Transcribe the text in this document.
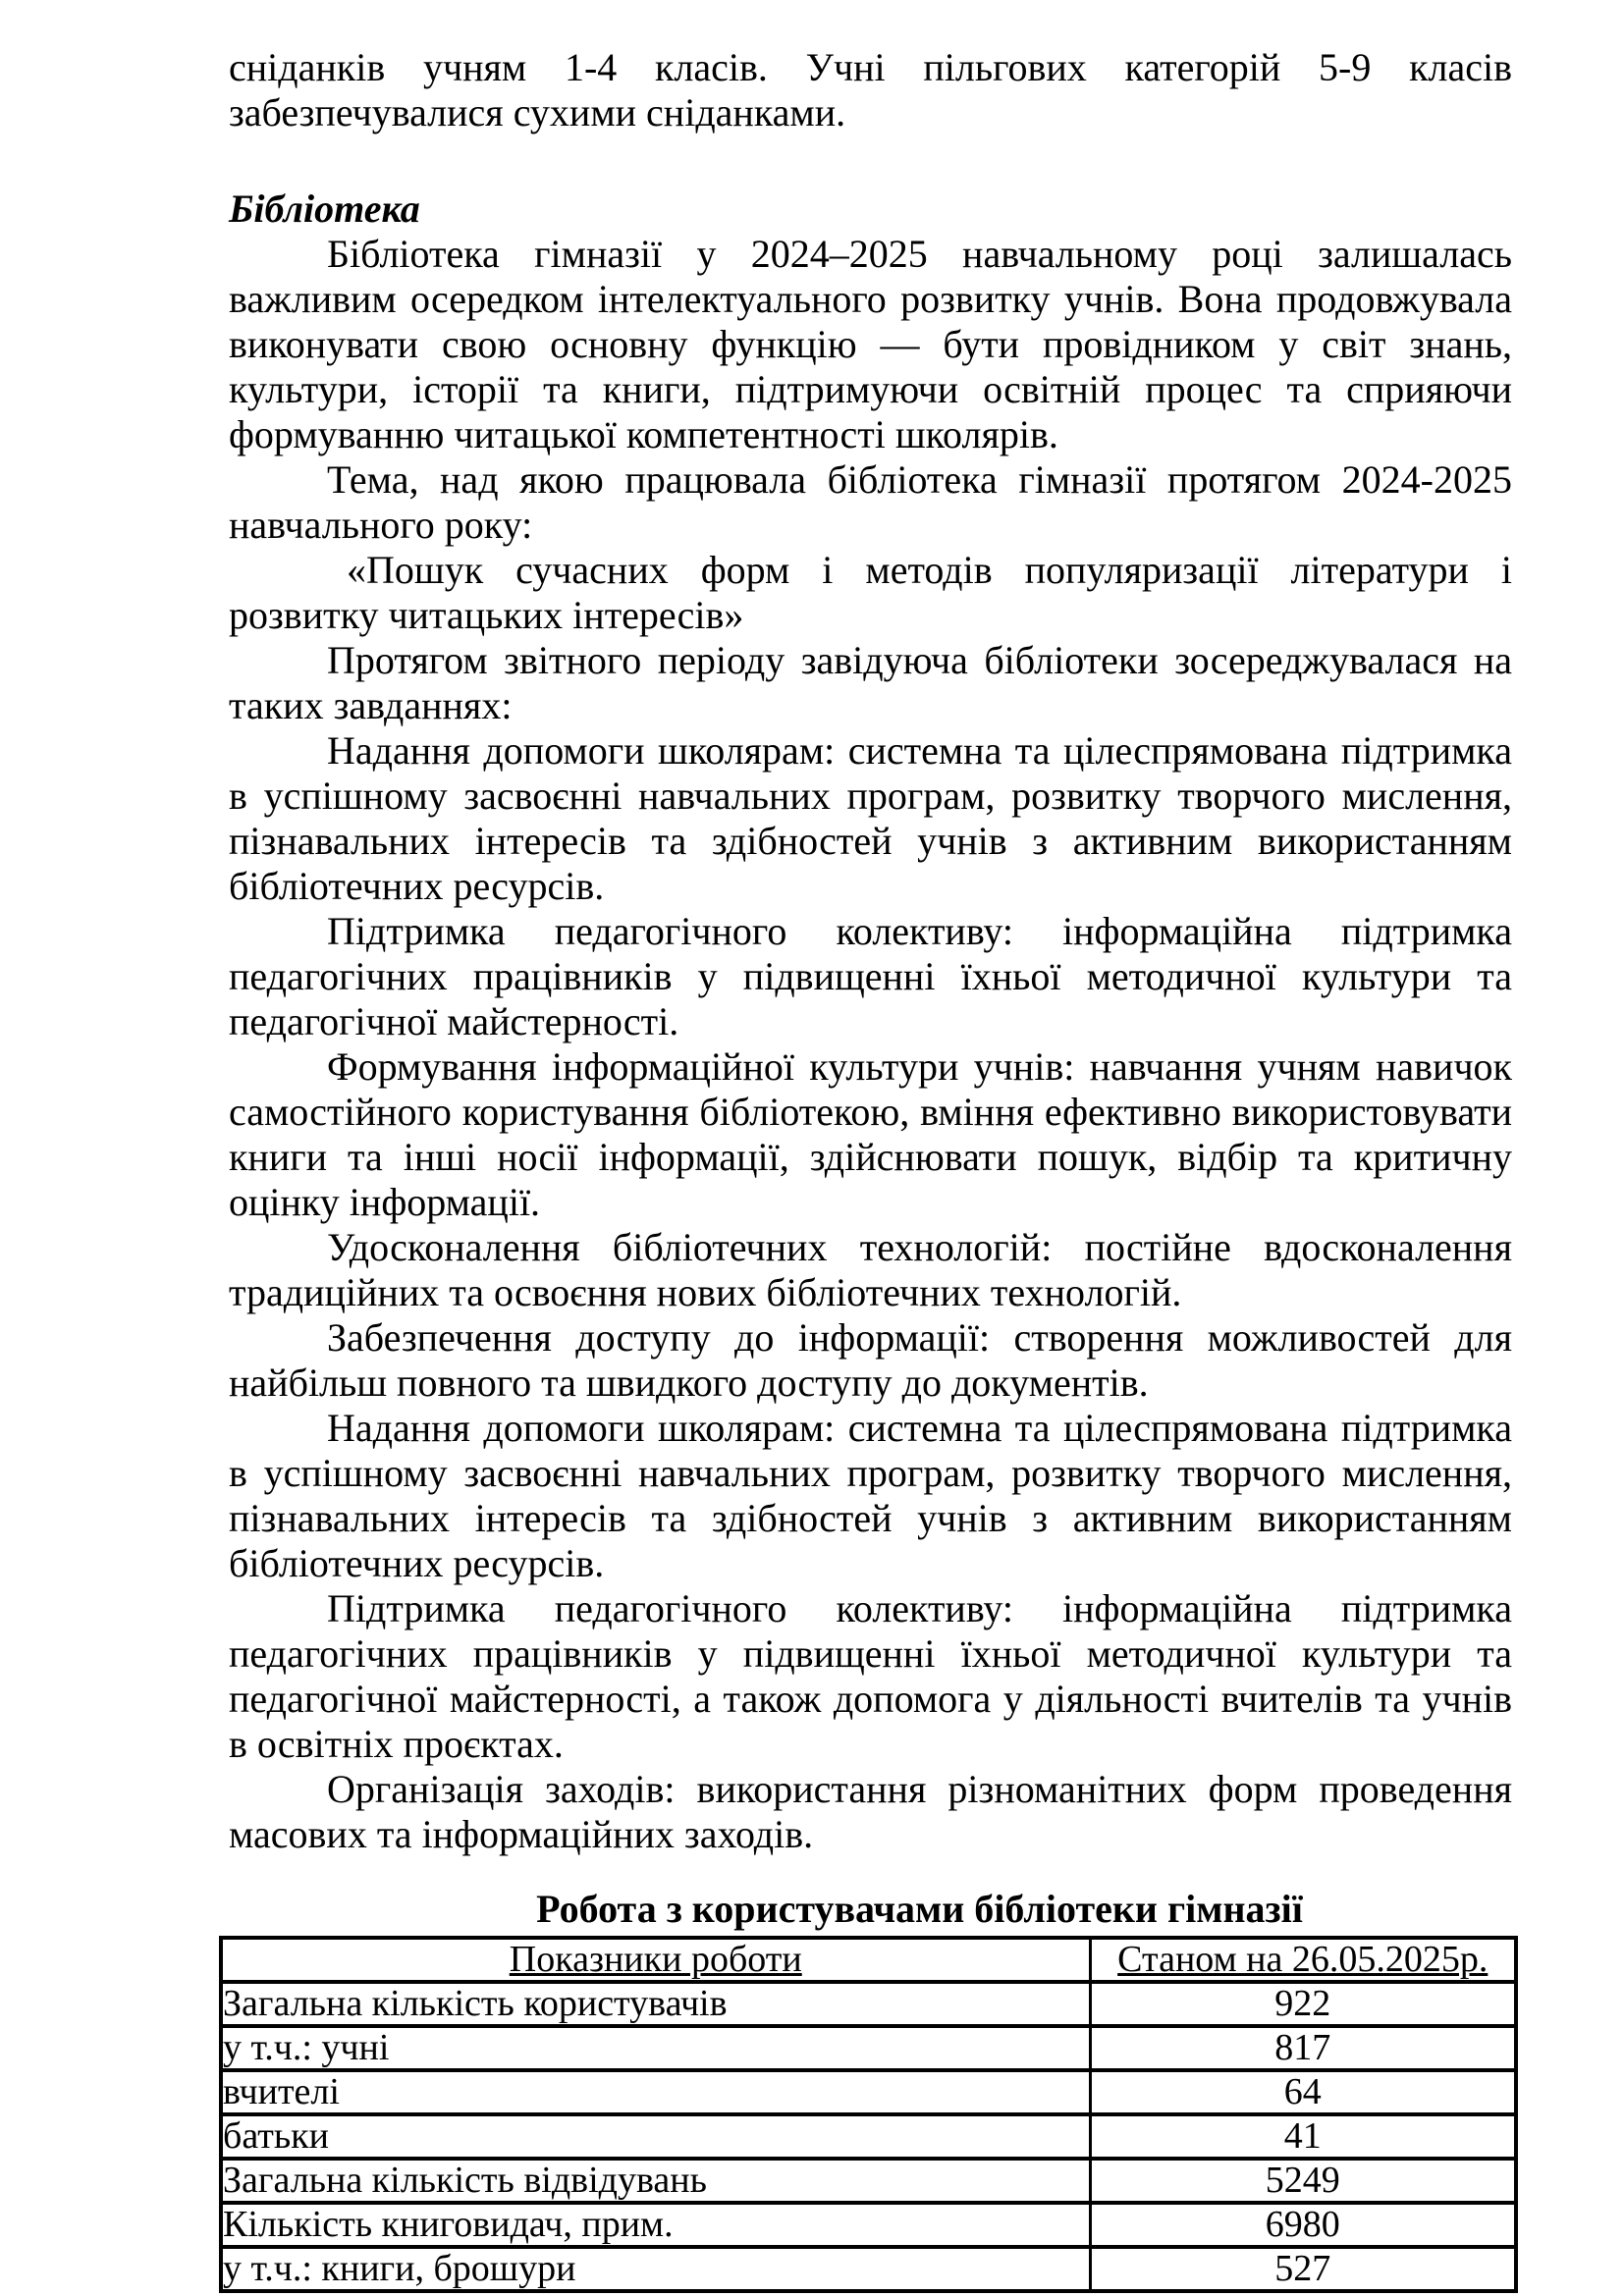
сніданків учням 1-4 класів. Учні пільгових категорій 5-9 класів забезпечувалися сухими сніданками.

Бібліотека

Бібліотека гімназії у 2024–2025 навчальному році залишалась важливим осередком інтелектуального розвитку учнів. Вона продовжувала виконувати свою основну функцію — бути провідником у світ знань, культури, історії та книги, підтримуючи освітній процес та сприяючи формуванню читацької компетентності школярів.

Тема, над якою працювала бібліотека гімназії протягом 2024-2025 навчального року:

«Пошук сучасних форм і методів популяризації літератури і розвитку читацьких інтересів»

Протягом звітного періоду завідуюча бібліотеки зосереджувалася на таких завданнях:

Надання допомоги школярам: системна та цілеспрямована підтримка в успішному засвоєнні навчальних програм, розвитку творчого мислення, пізнавальних інтересів та здібностей учнів з активним використанням бібліотечних ресурсів.

Підтримка педагогічного колективу: інформаційна підтримка педагогічних працівників у підвищенні їхньої методичної культури та педагогічної майстерності.

Формування інформаційної культури учнів: навчання учням навичок самостійного користування бібліотекою, вміння ефективно використовувати книги та інші носії інформації, здійснювати пошук, відбір та критичну оцінку інформації.

Удосконалення бібліотечних технологій: постійне вдосконалення традиційних та освоєння нових бібліотечних технологій.

Забезпечення доступу до інформації: створення можливостей для найбільш повного та швидкого доступу до документів.

Надання допомоги школярам: системна та цілеспрямована підтримка в успішному засвоєнні навчальних програм, розвитку творчого мислення, пізнавальних інтересів та здібностей учнів з активним використанням бібліотечних ресурсів.

Підтримка педагогічного колективу: інформаційна підтримка педагогічних працівників у підвищенні їхньої методичної культури та педагогічної майстерності, а також допомога у діяльності вчителів та учнів в освітніх проєктах.

Організація заходів: використання різноманітних форм проведення масових та інформаційних заходів.

Робота з користувачами бібліотеки гімназії

Показники роботи	Станом на 26.05.2025р.
Загальна кількість користувачів	922
у т.ч.: учні	817
вчителі	64
батьки	41
Загальна кількість відвідувань	5249
Кількість книговидач, прим.	6980
у т.ч.: книги, брошури	527
